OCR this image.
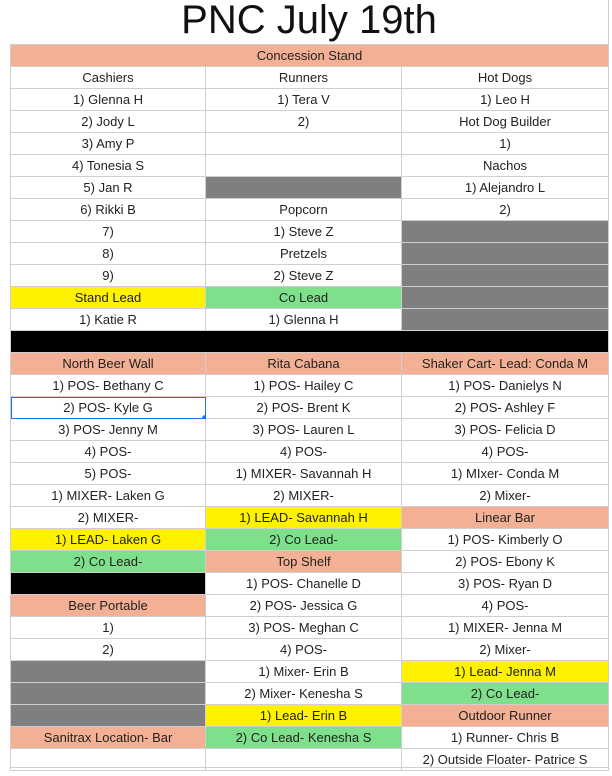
PNC July 19th
Concession Stand		
Cashiers	Runners	Hot Dogs
1) Glenna H	1) Tera V	1) Leo H
2) Jody L	2)	Hot Dog Builder
3) Amy P		1)
4) Tonesia S		Nachos
5) Jan R		1) Alejandro L
6) Rikki B	Popcorn	2)
7)	1) Steve Z	
8)	Pretzels	
9)	2) Steve Z	
Stand Lead	Co Lead	
1) Katie R	1) Glenna H	

North Beer Wall	Rita Cabana	Shaker Cart- Lead: Conda M
1) POS- Bethany C	1) POS- Hailey C	1) POS- Danielys N
2) POS- Kyle G	2) POS- Brent K	2) POS- Ashley F
3) POS- Jenny M	3) POS- Lauren L	3) POS- Felicia D
4) POS-	4) POS-	4) POS-
5) POS-	1) MIXER- Savannah H	1) MIxer- Conda M
1) MIXER- Laken G	2) MIXER-	2) Mixer-
2) MIXER-	1) LEAD- Savannah H	Linear Bar
1) LEAD- Laken G	2) Co Lead-	1) POS- Kimberly O
2) Co Lead-	Top Shelf	2) POS- Ebony K
	1) POS- Chanelle D	3) POS- Ryan D
Beer Portable	2) POS- Jessica G	4) POS-
1)	3) POS- Meghan C	1) MIXER- Jenna M
2)	4) POS-	2) Mixer-
	1) Mixer- Erin B	1) Lead- Jenna M
	2) Mixer- Kenesha S	2) Co Lead-
	1) Lead- Erin B	Outdoor Runner
Sanitrax Location- Bar	2) Co Lead- Kenesha S	1) Runner- Chris B
		2) Outside Floater- Patrice S
